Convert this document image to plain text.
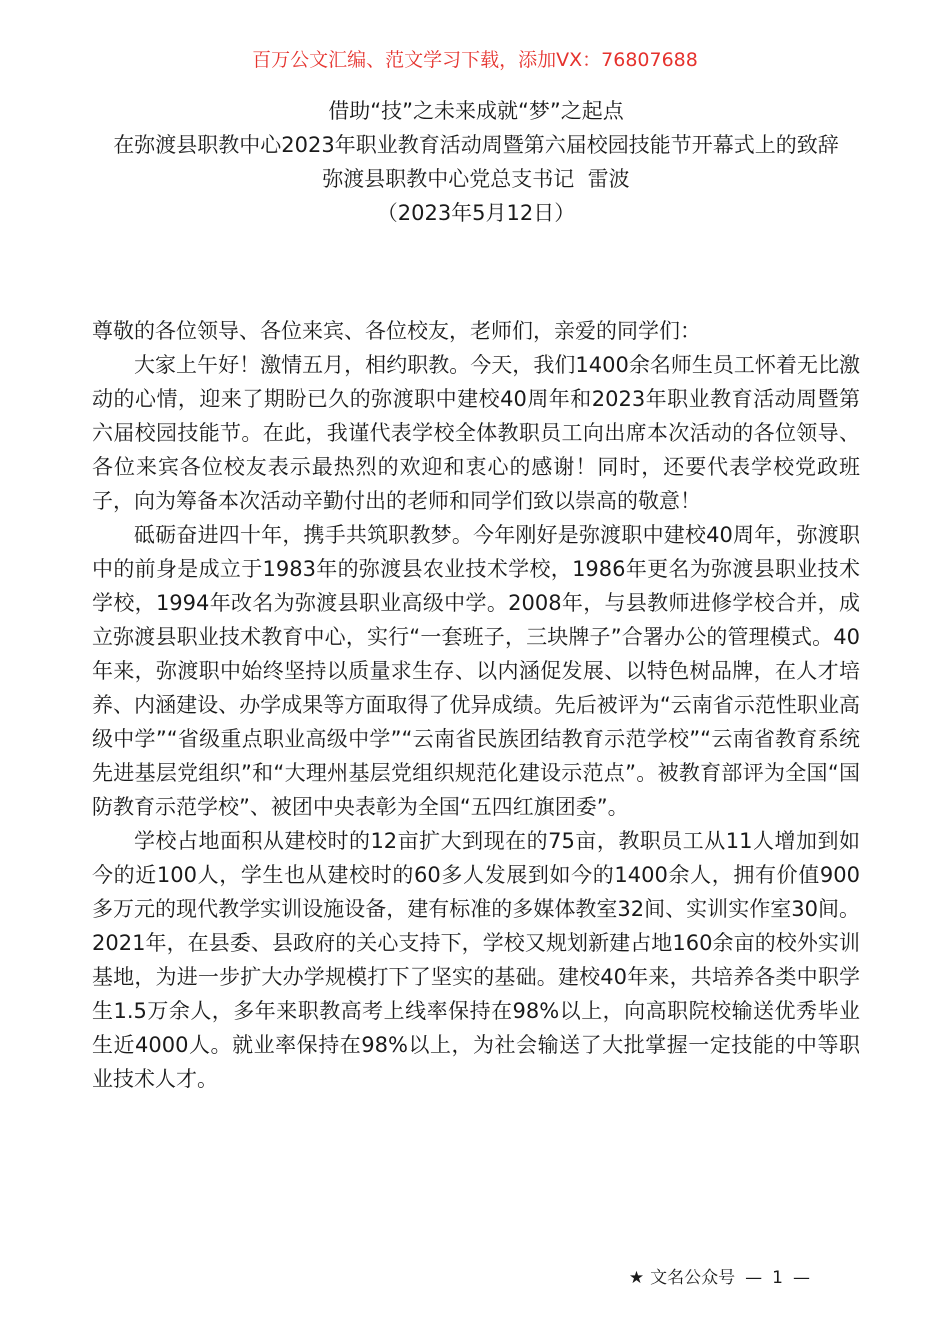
百万公文汇编、范文学习下载，添加VX：76807688
借助“技”之未来成就“梦”之起点
在弥渡县职教中心2023年职业教育活动周暨第六届校园技能节开幕式上的致辞
弥渡县职教中心党总支书记  雷波
（2023年5月12日）

尊敬的各位领导、各位来宾、各位校友，老师们，亲爱的同学们：

大家上午好！激情五月，相约职教。今天，我们1400余名师生员工怀着无比激动的心情，迎来了期盼已久的弥渡职中建校40周年和2023年职业教育活动周暨第六届校园技能节。在此，我谨代表学校全体教职员工向出席本次活动的各位领导、各位来宾各位校友表示最热烈的欢迎和衷心的感谢！同时，还要代表学校党政班子，向为筹备本次活动辛勤付出的老师和同学们致以崇高的敬意！

砥砺奋进四十年，携手共筑职教梦。今年刚好是弥渡职中建校40周年，弥渡职中的前身是成立于1983年的弥渡县农业技术学校，1986年更名为弥渡县职业技术学校，1994年改名为弥渡县职业高级中学。2008年，与县教师进修学校合并，成立弥渡县职业技术教育中心，实行“一套班子，三块牌子”合署办公的管理模式。40年来，弥渡职中始终坚持以质量求生存、以内涵促发展、以特色树品牌，在人才培养、内涵建设、办学成果等方面取得了优异成绩。先后被评为“云南省示范性职业高级中学”“省级重点职业高级中学”“云南省民族团结教育示范学校”“云南省教育系统先进基层党组织”和“大理州基层党组织规范化建设示范点”。被教育部评为全国“国防教育示范学校”、被团中央表彰为全国“五四红旗团委”。

学校占地面积从建校时的12亩扩大到现在的75亩，教职员工从11人增加到如今的近100人，学生也从建校时的60多人发展到如今的1400余人，拥有价值900多万元的现代教学实训设施设备，建有标准的多媒体教室32间、实训实作室30间。2021年，在县委、县政府的关心支持下，学校又规划新建占地160余亩的校外实训基地，为进一步扩大办学规模打下了坚实的基础。建校40年来，共培养各类中职学生1.5万余人，多年来职教高考上线率保持在98%以上，向高职院校输送优秀毕业生近4000人。就业率保持在98%以上，为社会输送了大批掌握一定技能的中等职业技术人才。

★ 文名公众号 — 1 —
